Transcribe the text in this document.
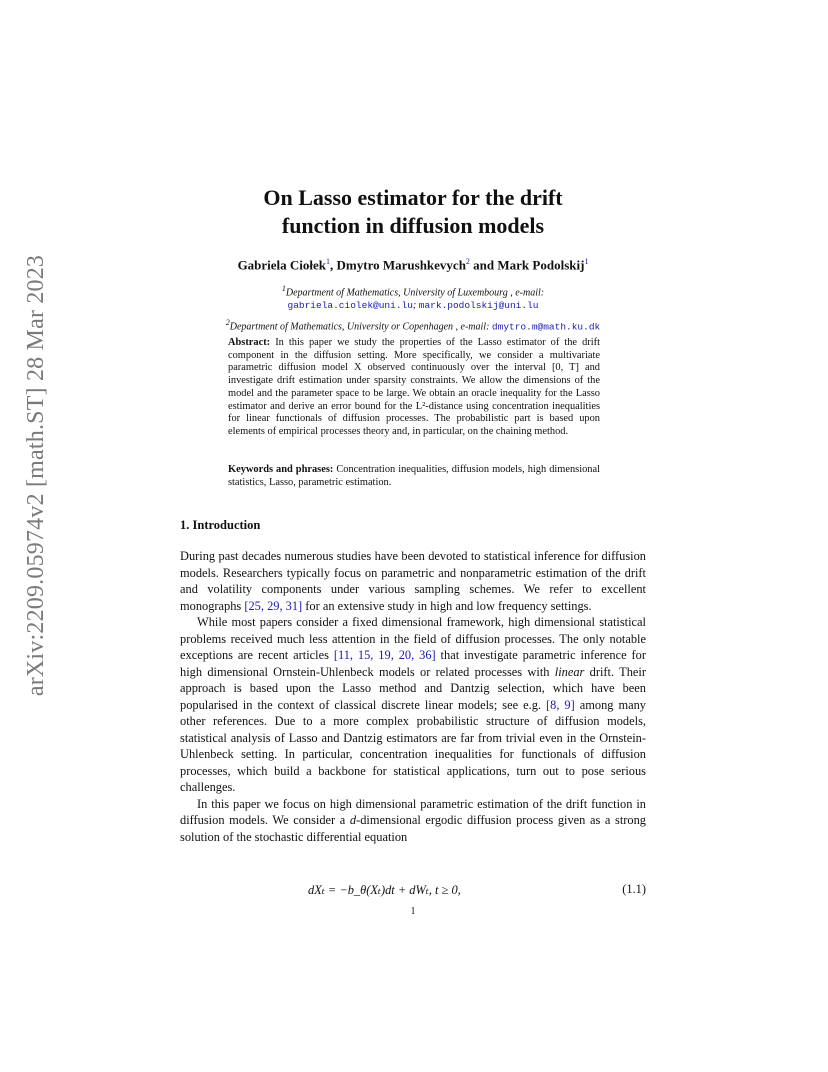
arXiv:2209.05974v2 [math.ST] 28 Mar 2023
On Lasso estimator for the drift
function in diffusion models
Gabriela Ciołek$^1$, Dmytro Marushkevych$^2$ and Mark Podolskij$^1$
$^1$Department of Mathematics, University of Luxembourg , e-mail:
gabriela.ciolek@uni.lu; mark.podolskij@uni.lu
$^2$Department of Mathematics, University or Copenhagen , e-mail: dmytro.m@math.ku.dk
Abstract: In this paper we study the properties of the Lasso estimator of the drift component in the diffusion setting. More specifically, we consider a multivariate parametric diffusion model X observed continuously over the interval [0, T] and investigate drift estimation under sparsity constraints. We allow the dimensions of the model and the parameter space to be large. We obtain an oracle inequality for the Lasso estimator and derive an error bound for the L²-distance using concentration inequalities for linear functionals of diffusion processes. The probabilistic part is based upon elements of empirical processes theory and, in particular, on the chaining method.
Keywords and phrases: Concentration inequalities, diffusion models, high dimensional statistics, Lasso, parametric estimation.
1. Introduction

During past decades numerous studies have been devoted to statistical inference for diffusion models. Researchers typically focus on parametric and nonparametric estimation of the drift and volatility components under various sampling schemes. We refer to excellent monographs [25, 29, 31] for an extensive study in high and low frequency settings.

While most papers consider a fixed dimensional framework, high dimensional statistical problems received much less attention in the field of diffusion processes. The only notable exceptions are recent articles [11, 15, 19, 20, 36] that investigate parametric inference for high dimensional Ornstein-Uhlenbeck models or related processes with linear drift. Their approach is based upon the Lasso method and Dantzig selection, which have been popularised in the context of classical discrete linear models; see e.g. [8, 9] among many other references. Due to a more complex probabilistic structure of diffusion models, statistical analysis of Lasso and Dantzig estimators are far from trivial even in the Ornstein-Uhlenbeck setting. In particular, concentration inequalities for functionals of diffusion processes, which build a backbone for statistical applications, turn out to pose serious challenges.

In this paper we focus on high dimensional parametric estimation of the drift function in diffusion models. We consider a d-dimensional ergodic diffusion process given as a strong solution of the stochastic differential equation

dXₜ = −b_θ(Xₜ)dt + dWₜ, t ≥ 0,	(1.1)
1
